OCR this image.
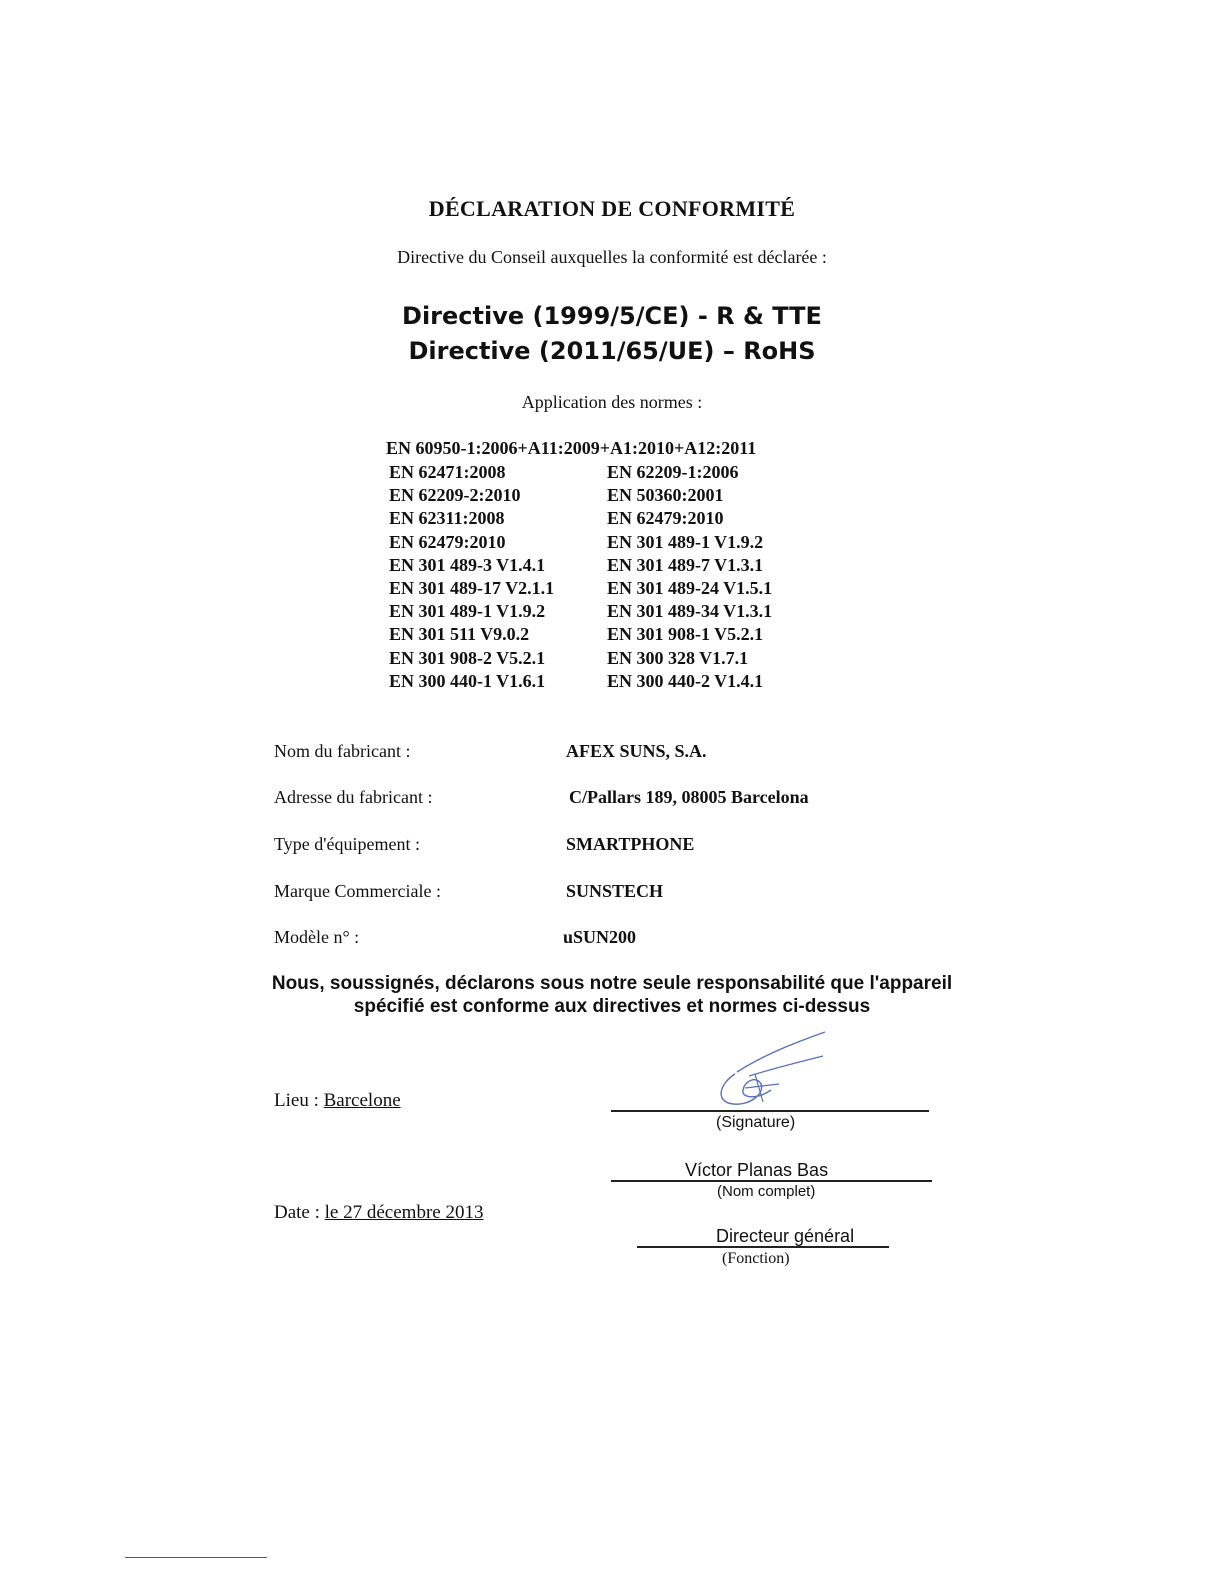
DÉCLARATION DE CONFORMITÉ
Directive du Conseil auxquelles la conformité est déclarée :
Directive (1999/5/CE) - R & TTE
Directive (2011/65/UE) – RoHS
Application des normes :
EN 60950-1:2006+A11:2009+A1:2010+A12:2011
EN 62471:2008	EN 62209-1:2006
EN 62209-2:2010	EN 50360:2001
EN 62311:2008	EN 62479:2010
EN 62479:2010	EN 301 489-1 V1.9.2
EN 301 489-3 V1.4.1	EN 301 489-7 V1.3.1
EN 301 489-17 V2.1.1	EN 301 489-24 V1.5.1
EN 301 489-1 V1.9.2	EN 301 489-34 V1.3.1
EN 301 511 V9.0.2	EN 301 908-1 V5.2.1
EN 301 908-2 V5.2.1	EN 300 328 V1.7.1
EN 300 440-1 V1.6.1	EN 300 440-2 V1.4.1
Nom du fabricant :	AFEX SUNS, S.A.
Adresse du fabricant :	C/Pallars 189, 08005 Barcelona
Type d'équipement :	SMARTPHONE
Marque Commerciale :	SUNSTECH
Modèle n° :	uSUN200
Nous, soussignés, déclarons sous notre seule responsabilité que l'appareil
spécifié est conforme aux directives et normes ci-dessus
Lieu : Barcelone
Date : le 27 décembre 2013
(Signature)
Víctor Planas Bas
(Nom complet)
Directeur général
(Fonction)
